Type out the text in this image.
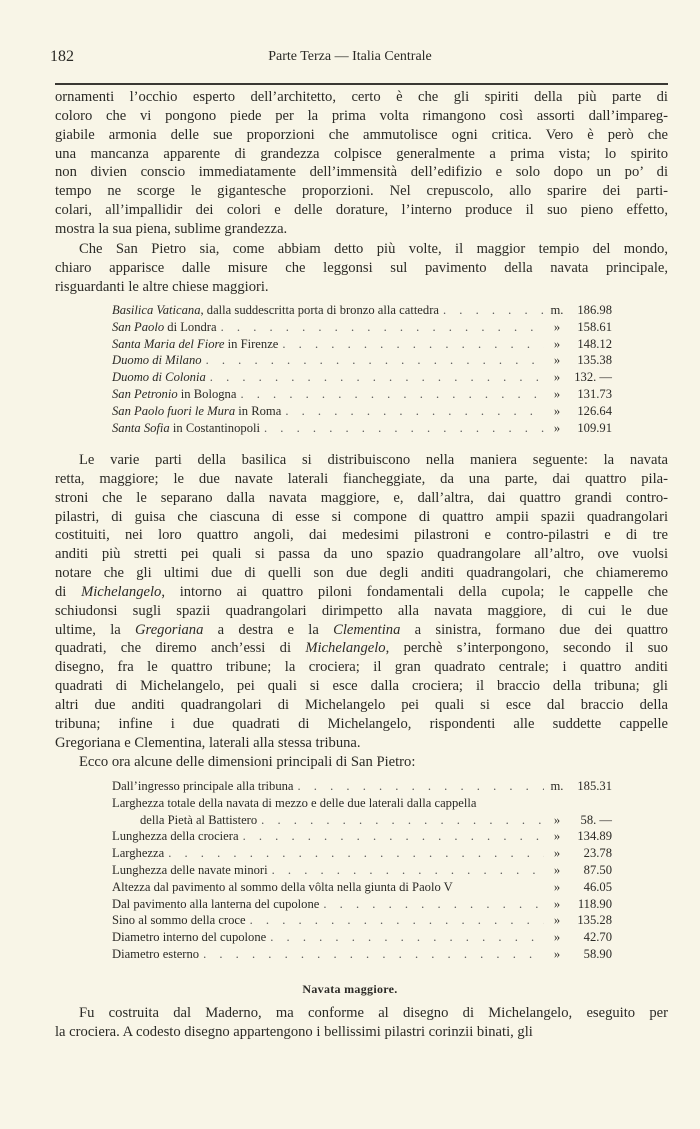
182	Parte Terza — Italia Centrale
ornamenti l’occhio esperto dell’architetto, certo è che gli spiriti della più parte di
coloro che vi pongono piede per la prima volta rimangono così assorti dall’impareg-
giabile armonia delle sue proporzioni che ammutolisce ogni critica. Vero è però che
una mancanza apparente di grandezza colpisce generalmente a prima vista; lo spirito
non divien conscio immediatamente dell’immensità dell’edifizio e solo dopo un po’ di
tempo ne scorge le gigantesche proporzioni. Nel crepuscolo, allo sparire dei parti-
colari, all’impallidir dei colori e delle dorature, l’interno produce il suo pieno effetto,
mostra la sua piena, sublime grandezza.
Che San Pietro sia, come abbiam detto più volte, il maggior tempio del mondo,
chiaro apparisce dalle misure che leggonsi sul pavimento della navata principale,
risguardanti le altre chiese maggiori.
Basilica Vaticana, dalla suddescritta porta di bronzo alla cattedra . . .	m.	186.98
San Paolo di Londra . . .	»	158.61
Santa Maria del Fiore in Firenze . . .	»	148.12
Duomo di Milano . . .	»	135.38
Duomo di Colonia . . .	»	132. —
San Petronio in Bologna . . .	»	131.73
San Paolo fuori le Mura in Roma . . .	»	126.64
Santa Sofia in Costantinopoli . . .	»	109.91
Le varie parti della basilica si distribuiscono nella maniera seguente: la navata
retta, maggiore; le due navate laterali fiancheggiate, da una parte, dai quattro pila-
stroni che le separano dalla navata maggiore, e, dall’altra, dai quattro grandi contro-
pilastri, di guisa che ciascuna di esse si compone di quattro ampii spazii quadrangolari
costituiti, nei loro quattro angoli, dai medesimi pilastroni e contro-pilastri e di tre
anditi più stretti pei quali si passa da uno spazio quadrangolare all’altro, ove vuolsi
notare che gli ultimi due di quelli son due degli anditi quadrangolari, che chiameremo
di Michelangelo, intorno ai quattro piloni fondamentali della cupola; le cappelle che
schiudonsi sugli spazii quadrangolari dirimpetto alla navata maggiore, di cui le due
ultime, la Gregoriana a destra e la Clementina a sinistra, formano due dei quattro
quadrati, che diremo anch’essi di Michelangelo, perchè s’interpongono, secondo il suo
disegno, fra le quattro tribune; la crociera; il gran quadrato centrale; i quattro anditi
quadrati di Michelangelo, pei quali si esce dalla crociera; il braccio della tribuna; gli
altri due anditi quadrangolari di Michelangelo pei quali si esce dal braccio della
tribuna; infine i due quadrati di Michelangelo, rispondenti alle suddette cappelle
Gregoriana e Clementina, laterali alla stessa tribuna.
Ecco ora alcune delle dimensioni principali di San Pietro:
Dall’ingresso principale alla tribuna . . .	m.	185.31
Larghezza totale della navata di mezzo e delle due laterali dalla cappella
della Pietà al Battistero . . .	»	58. —
Lunghezza della crociera . . .	»	134.89
Larghezza . . .	»	23.78
Lunghezza delle navate minori . . .	»	87.50
Altezza dal pavimento al sommo della vôlta nella giunta di Paolo V	»	46.05
Dal pavimento alla lanterna del cupolone . . .	»	118.90
Sino al sommo della croce . . .	»	135.28
Diametro interno del cupolone . . .	»	42.70
Diametro esterno . . .	»	58.90
Navata maggiore.
Fu costruita dal Maderno, ma conforme al disegno di Michelangelo, eseguito per
la crociera. A codesto disegno appartengono i bellissimi pilastri corinzii binati, gli
